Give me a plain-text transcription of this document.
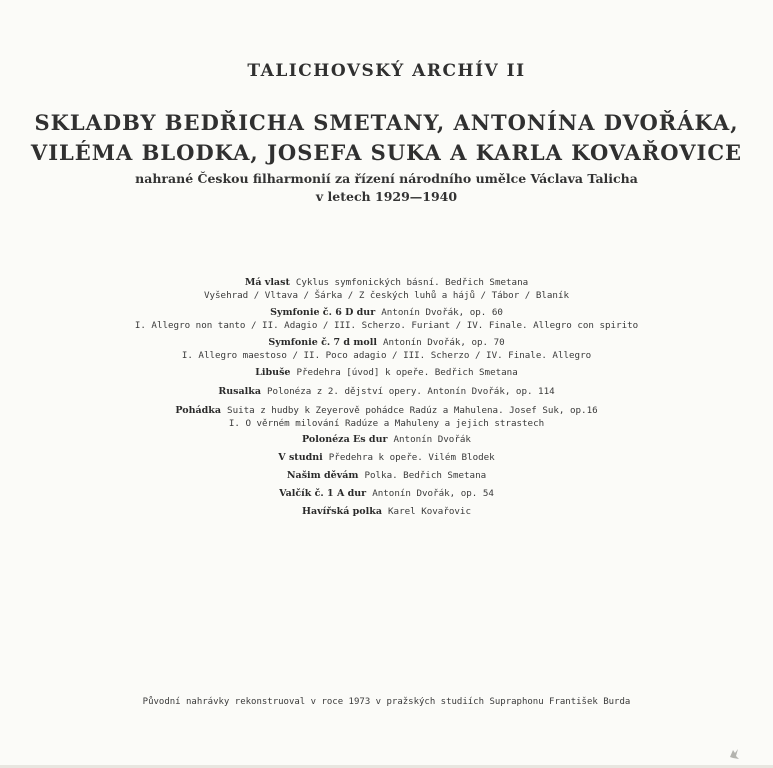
TALICHOVSKÝ ARCHÍV II
SKLADBY BEDŘICHA SMETANY, ANTONÍNA DVOŘÁKA,
VILÉMA BLODKA, JOSEFA SUKA A KARLA KOVAŘOVICE
nahrané Českou filharmonií za řízení národního umělce Václava Talicha
v letech 1929—1940
Má vlast Cyklus symfonických básní. Bedřich Smetana
Vyšehrad / Vltava / Šárka / Z českých luhů a hájů / Tábor / Blaník
Symfonie č. 6 D dur Antonín Dvořák, op. 60
I. Allegro non tanto / II. Adagio / III. Scherzo. Furiant / IV. Finale. Allegro con spirito
Symfonie č. 7 d moll Antonín Dvořák, op. 70
I. Allegro maestoso / II. Poco adagio / III. Scherzo / IV. Finale. Allegro
Libuše Předehra [úvod] k opeře. Bedřich Smetana
Rusalka Polonéza z 2. dějství opery. Antonín Dvořák, op. 114
Pohádka Suita z hudby k Zeyerově pohádce Radúz a Mahulena. Josef Suk, op.16
I. O věrném milování Radúze a Mahuleny a jejich strastech
Polonéza Es dur Antonín Dvořák
V studni Předehra k opeře. Vilém Blodek
Našim děvám Polka. Bedřich Smetana
Valčík č. 1 A dur Antonín Dvořák, op. 54
Havířská polka Karel Kovařovic
Původní nahrávky rekonstruoval v roce 1973 v pražských studiích Supraphonu František Burda
